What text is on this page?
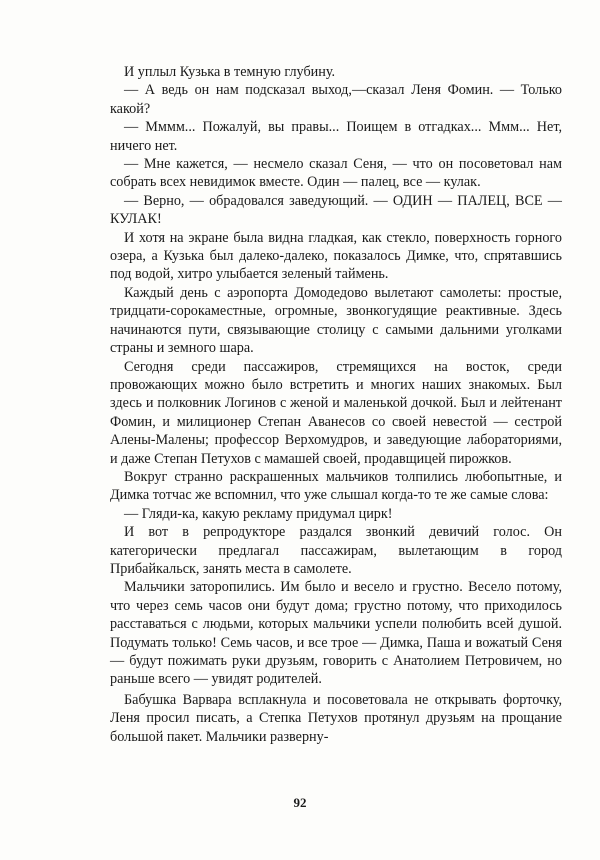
И уплыл Кузька в темную глубину.

— А ведь он нам подсказал выход,—сказал Леня Фомин. — Только какой?

— Мммм... Пожалуй, вы правы... Поищем в отгадках... Ммм... Нет, ничего нет.

— Мне кажется, — несмело сказал Сеня, — что он посоветовал нам собрать всех невидимок вместе. Один — палец, все — кулак.

— Верно, — обрадовался заведующий. — ОДИН — ПАЛЕЦ, ВСЕ — КУЛАК!

И хотя на экране была видна гладкая, как стекло, поверхность горного озера, а Кузька был далеко-далеко, показалось Димке, что, спрятавшись под водой, хитро улыбается зеленый таймень.

Каждый день с аэропорта Домодедово вылетают самолеты: простые, тридцати-сорокаместные, огромные, звонкогудящие реактивные. Здесь начинаются пути, связывающие столицу с самыми дальними уголками страны и земного шара.

Сегодня среди пассажиров, стремящихся на восток, среди провожающих можно было встретить и многих наших знакомых. Был здесь и полковник Логинов с женой и маленькой дочкой. Был и лейтенант Фомин, и милиционер Степан Аванесов со своей невестой — сестрой Алены-Малены; профессор Верхомудров, и заведующие лабораториями, и даже Степан Петухов с мамашей своей, продавщицей пирожков.

Вокруг странно раскрашенных мальчиков толпились любопытные, и Димка тотчас же вспомнил, что уже слышал когда-то те же самые слова:

— Гляди-ка, какую рекламу придумал цирк!

И вот в репродукторе раздался звонкий девичий голос. Он категорически предлагал пассажирам, вылетающим в город Прибайкальск, занять места в самолете.

Мальчики заторопились. Им было и весело и грустно. Весело потому, что через семь часов они будут дома; грустно потому, что приходилось расставаться с людьми, которых мальчики успели полюбить всей душой. Подумать только! Семь часов, и все трое — Димка, Паша и вожатый Сеня — будут пожимать руки друзьям, говорить с Анатолием Петровичем, но раньше всего — увидят родителей.

Бабушка Варвара всплакнула и посоветовала не открывать форточку, Леня просил писать, а Степка Петухов протянул друзьям на прощание большой пакет. Мальчики разверну-

92
